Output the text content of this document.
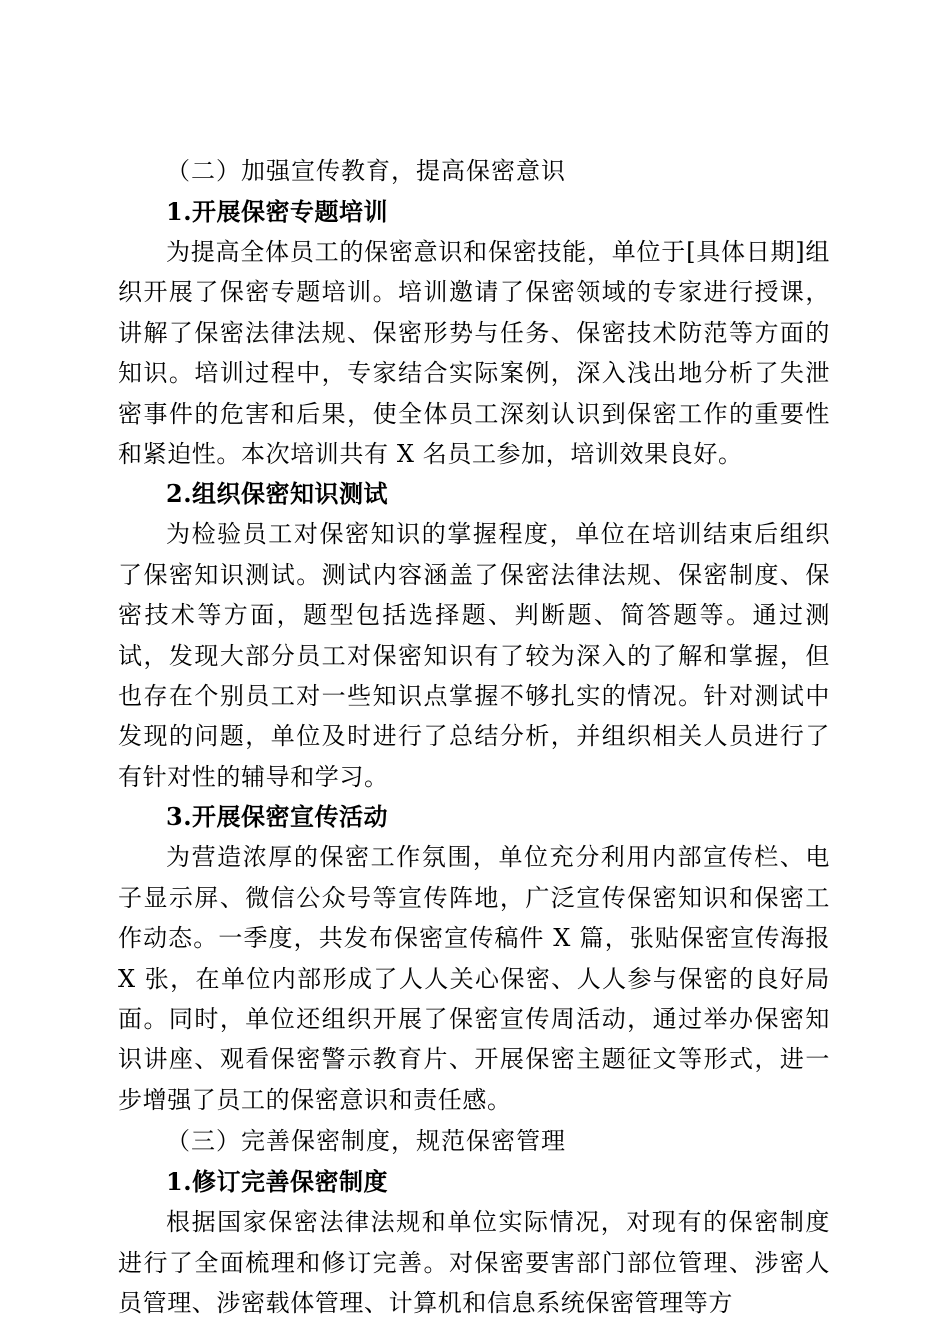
（二）加强宣传教育，提高保密意识

1.开展保密专题培训

为提高全体员工的保密意识和保密技能，单位于[具体日期]组织开展了保密专题培训。培训邀请了保密领域的专家进行授课，讲解了保密法律法规、保密形势与任务、保密技术防范等方面的知识。培训过程中，专家结合实际案例，深入浅出地分析了失泄密事件的危害和后果，使全体员工深刻认识到保密工作的重要性和紧迫性。本次培训共有 X 名员工参加，培训效果良好。

2.组织保密知识测试

为检验员工对保密知识的掌握程度，单位在培训结束后组织了保密知识测试。测试内容涵盖了保密法律法规、保密制度、保密技术等方面，题型包括选择题、判断题、简答题等。通过测试，发现大部分员工对保密知识有了较为深入的了解和掌握，但也存在个别员工对一些知识点掌握不够扎实的情况。针对测试中发现的问题，单位及时进行了总结分析，并组织相关人员进行了有针对性的辅导和学习。

3.开展保密宣传活动

为营造浓厚的保密工作氛围，单位充分利用内部宣传栏、电子显示屏、微信公众号等宣传阵地，广泛宣传保密知识和保密工作动态。一季度，共发布保密宣传稿件 X 篇，张贴保密宣传海报 X 张，在单位内部形成了人人关心保密、人人参与保密的良好局面。同时，单位还组织开展了保密宣传周活动，通过举办保密知识讲座、观看保密警示教育片、开展保密主题征文等形式，进一步增强了员工的保密意识和责任感。

（三）完善保密制度，规范保密管理

1.修订完善保密制度

根据国家保密法律法规和单位实际情况，对现有的保密制度进行了全面梳理和修订完善。对保密要害部门部位管理、涉密人员管理、涉密载体管理、计算机和信息系统保密管理等方
